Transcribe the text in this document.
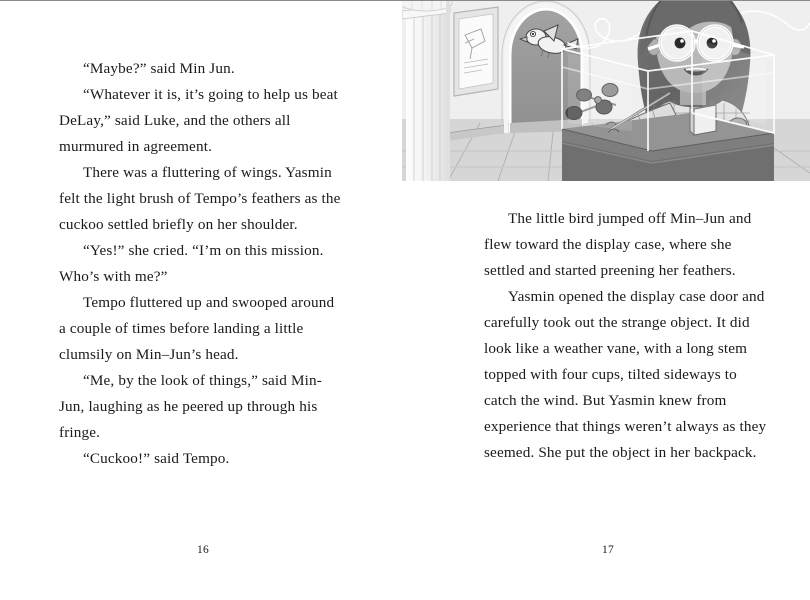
“Maybe?” said Min Jun.

“Whatever it is, it’s going to help us beat DeLay,” said Luke, and the others all murmured in agreement.

There was a fluttering of wings. Yasmin felt the light brush of Tempo’s feathers as the cuckoo settled briefly on her shoulder.

“Yes!” she cried. “I’m on this mission. Who’s with me?”

Tempo fluttered up and swooped around a couple of times before landing a little clumsily on Min–Jun’s head.

“Me, by the look of things,” said Min-Jun, laughing as he peered up through his fringe.

“Cuckoo!” said Tempo.

The little bird jumped off Min–Jun and flew toward the display case, where she settled and started preening her feathers.

Yasmin opened the display case door and carefully took out the strange object. It did look like a weather vane, with a long stem topped with four cups, tilted sideways to catch the wind. But Yasmin knew from experience that things weren’t always as they seemed. She put the object in her backpack.

16	17
